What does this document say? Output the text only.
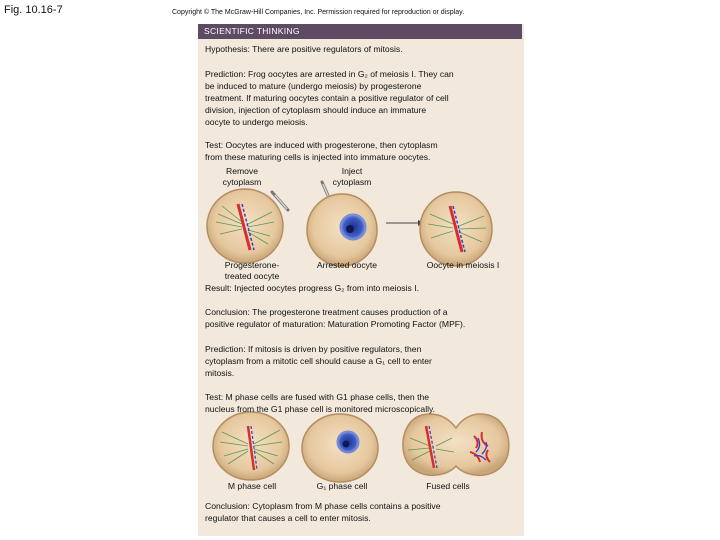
Fig. 10.16-7	Copyright © The McGraw-Hill Companies, Inc. Permission required for reproduction or display.
SCIENTIFIC THINKING
Hypothesis: There are positive regulators of mitosis.
Prediction: Frog oocytes are arrested in G₂ of meiosis I. They can
be induced to mature (undergo meiosis) by progesterone
treatment. If maturing oocytes contain a positive regulator of cell
division, injection of cytoplasm should induce an immature
oocyte to undergo meiosis.
Test: Oocytes are induced with progesterone, then cytoplasm
from these maturing cells is injected into immature oocytes.
Remove
cytoplasm
Inject
cytoplasm
Progesterone-
treated oocyte
Arrested oocyte	Oocyte in meiosis I
Result: Injected oocytes progress G₂ from into meiosis I.
Conclusion: The progesterone treatment causes production of a
positive regulator of maturation: Maturation Promoting Factor (MPF).
Prediction: If mitosis is driven by positive regulators, then
cytoplasm from a mitotic cell should cause a G₁ cell to enter
mitosis.
Test: M phase cells are fused with G1 phase cells, then the
nucleus from the G1 phase cell is monitored microscopically.
M phase cell	G₁ phase cell	Fused cells
Conclusion: Cytoplasm from M phase cells contains a positive
regulator that causes a cell to enter mitosis.
